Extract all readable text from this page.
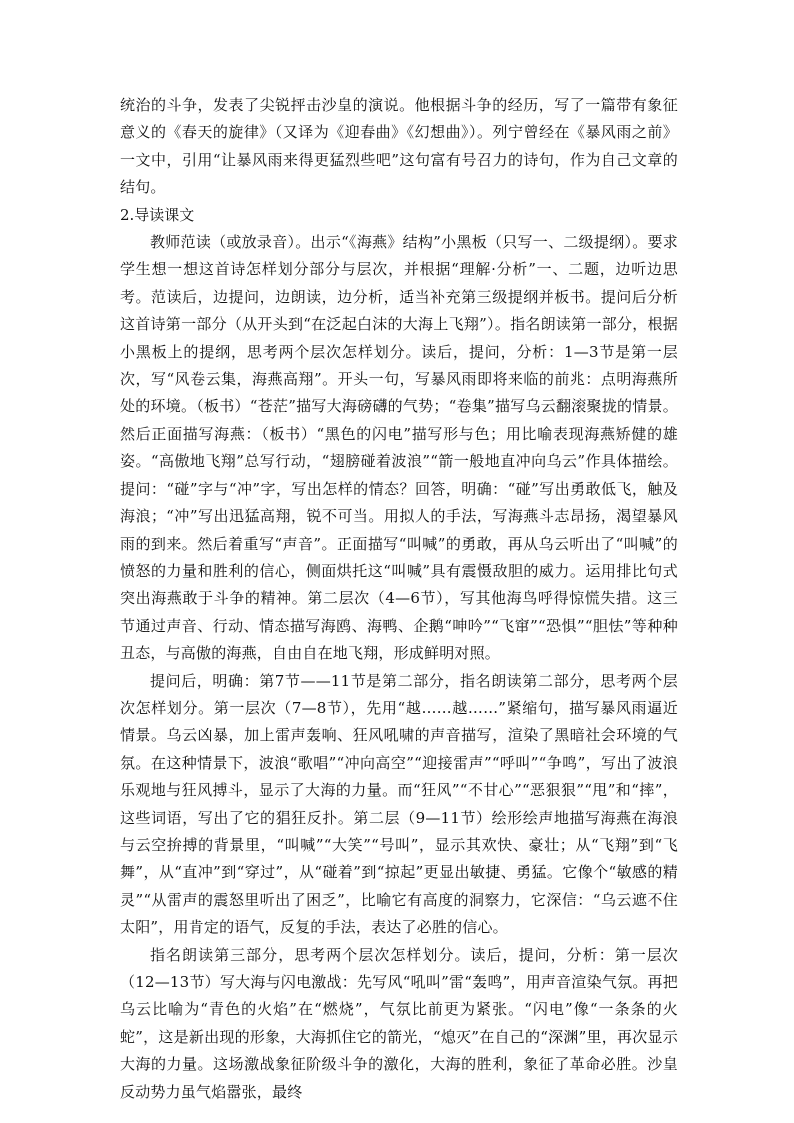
统治的斗争，发表了尖锐抨击沙皇的演说。他根据斗争的经历，写了一篇带有象征意义的《春天的旋律》（又译为《迎春曲》《幻想曲》）。列宁曾经在《暴风雨之前》一文中，引用“让暴风雨来得更猛烈些吧”这句富有号召力的诗句，作为自己文章的结句。

2.导读课文

教师范读（或放录音）。出示“《海燕》结构”小黑板（只写一、二级提纲）。要求学生想一想这首诗怎样划分部分与层次，并根据“理解·分析”一、二题，边听边思考。范读后，边提问，边朗读，边分析，适当补充第三级提纲并板书。提问后分析这首诗第一部分（从开头到“在泛起白沫的大海上飞翔”）。指名朗读第一部分，根据小黑板上的提纲，思考两个层次怎样划分。读后，提问，分析：1—3节是第一层次，写“风卷云集，海燕高翔”。开头一句，写暴风雨即将来临的前兆：点明海燕所处的环境。（板书）“苍茫”描写大海磅礴的气势；“卷集”描写乌云翻滚聚拢的情景。然后正面描写海燕：（板书）“黑色的闪电”描写形与色；用比喻表现海燕矫健的雄姿。“高傲地飞翔”总写行动，“翅膀碰着波浪”“箭一般地直冲向乌云”作具体描绘。提问：“碰”字与“冲”字，写出怎样的情态？回答，明确：“碰”写出勇敢低飞，触及海浪；“冲”写出迅猛高翔，锐不可当。用拟人的手法，写海燕斗志昂扬，渴望暴风雨的到来。然后着重写“声音”。正面描写“叫喊”的勇敢，再从乌云听出了“叫喊”的愤怒的力量和胜利的信心，侧面烘托这“叫喊”具有震慑敌胆的威力。运用排比句式突出海燕敢于斗争的精神。第二层次（4—6节），写其他海鸟呼得惊慌失措。这三节通过声音、行动、情态描写海鸥、海鸭、企鹅“呻吟”“飞窜”“恐惧”“胆怯”等种种丑态，与高傲的海燕，自由自在地飞翔，形成鲜明对照。

提问后，明确：第7节——11节是第二部分，指名朗读第二部分，思考两个层次怎样划分。第一层次（7—8节），先用“越……越……”紧缩句，描写暴风雨逼近情景。乌云凶暴，加上雷声轰响、狂风吼啸的声音描写，渲染了黑暗社会环境的气氛。在这种情景下，波浪“歌唱”“冲向高空”“迎接雷声”“呼叫”“争鸣”，写出了波浪乐观地与狂风搏斗，显示了大海的力量。而“狂风”“不甘心”“恶狠狠”“甩”和“摔”，这些词语，写出了它的猖狂反扑。第二层（9—11节）绘形绘声地描写海燕在海浪与云空拚搏的背景里，“叫喊”“大笑”“号叫”，显示其欢快、豪壮；从“飞翔”到“飞舞”，从“直冲”到“穿过”，从“碰着”到“掠起”更显出敏捷、勇猛。它像个“敏感的精灵”“从雷声的震怒里听出了困乏”，比喻它有高度的洞察力，它深信：“乌云遮不住太阳”，用肯定的语气，反复的手法，表达了必胜的信心。

指名朗读第三部分，思考两个层次怎样划分。读后，提问，分析：第一层次（12—13节）写大海与闪电激战：先写风“吼叫”雷“轰鸣”，用声音渲染气氛。再把乌云比喻为“青色的火焰”在“燃烧”，气氛比前更为紧张。“闪电”像“一条条的火蛇”，这是新出现的形象，大海抓住它的箭光，“熄灭”在自己的“深渊”里，再次显示大海的力量。这场激战象征阶级斗争的激化，大海的胜利，象征了革命必胜。沙皇反动势力虽气焰嚣张，最终
